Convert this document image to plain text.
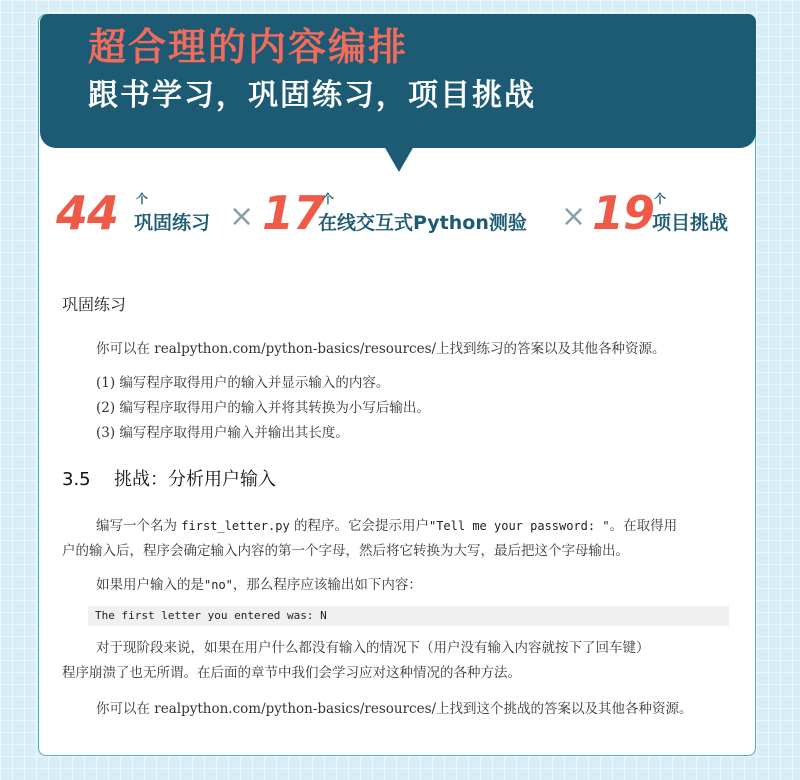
超合理的内容编排
跟书学习，巩固练习，项目挑战
44 个
巩固练习 × 17
个
在线交互式Python测验 × 19 个
项目挑战
巩固练习

你可以在 realpython.com/python-basics/resources/上找到练习的答案以及其他各种资源。

(1) 编写程序取得用户的输入并显示输入的内容。
(2) 编写程序取得用户的输入并将其转换为小写后输出。
(3) 编写程序取得用户输入并输出其长度。
3.5 挑战：分析用户输入

编写一个名为 first_letter.py 的程序。它会提示用户"Tell me your password: "。在取得用

户的输入后，程序会确定输入内容的第一个字母，然后将它转换为大写，最后把这个字母输出。

如果用户输入的是"no"，那么程序应该输出如下内容：

The first letter you entered was: N

对于现阶段来说，如果在用户什么都没有输入的情况下（用户没有输入内容就按下了回车键）

程序崩溃了也无所谓。在后面的章节中我们会学习应对这种情况的各种方法。

你可以在 realpython.com/python-basics/resources/上找到这个挑战的答案以及其他各种资源。
